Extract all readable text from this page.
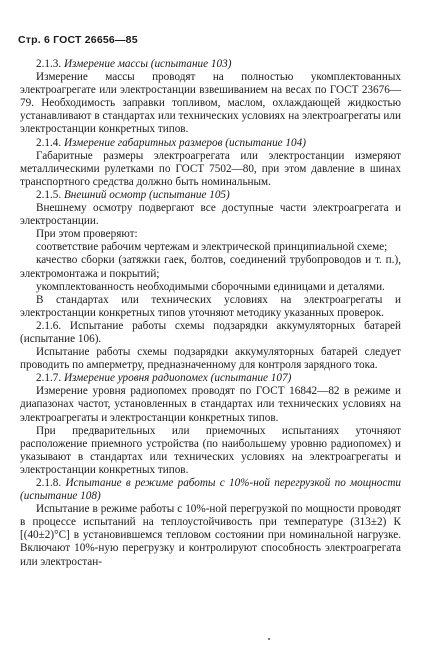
Стр. 6 ГОСТ 26656—85

2.1.3. Измерение массы (испытание 103)

Измерение массы проводят на полностью укомплектованных электроагрегате или электростанции взвешиванием на весах по ГОСТ 23676—79. Необходимость заправки топливом, маслом, охлаждающей жидкостью устанавливают в стандартах или технических условиях на электроагрегаты или электростанции конкретных типов.

2.1.4. Измерение габаритных размеров (испытание 104)

Габаритные размеры электроагрегата или электростанции измеряют металлическими рулетками по ГОСТ 7502—80, при этом давление в шинах транспортного средства должно быть номинальным.

2.1.5. Внешний осмотр (испытание 105)

Внешнему осмотру подвергают все доступные части электроагрегата и электростанции.

При этом проверяют:

соответствие рабочим чертежам и электрической принципиальной схеме;

качество сборки (затяжки гаек, болтов, соединений трубопроводов и т. п.), электромонтажа и покрытий;

укомплектованность необходимыми сборочными единицами и деталями.

В стандартах или технических условиях на электроагрегаты и электростанции конкретных типов уточняют методику указанных проверок.

2.1.6. Испытание работы схемы подзарядки аккумуляторных батарей (испытание 106).

Испытание работы схемы подзарядки аккумуляторных батарей следует проводить по амперметру, предназначенному для контроля зарядного тока.

2.1.7. Измерение уровня радиопомех (испытание 107)

Измерение уровня радиопомех проводят по ГОСТ 16842—82 в режиме и диапазонах частот, установленных в стандартах или технических условиях на электроагрегаты и электростанции конкретных типов.

При предварительных или приемочных испытаниях уточняют расположение приемного устройства (по наибольшему уровню радиопомех) и указывают в стандартах или технических условиях на электроагрегаты и электростанции конкретных типов.

2.1.8. Испытание в режиме работы с 10%-ной перегрузкой по мощности (испытание 108)

Испытание в режиме работы с 10%-ной перегрузкой по мощности проводят в процессе испытаний на теплоустойчивость при температуре (313±2) К [(40±2)°С] в установившемся тепловом состоянии при номинальной нагрузке. Включают 10%-ную перегрузку и контролируют способность электроагрегата или электростан-
